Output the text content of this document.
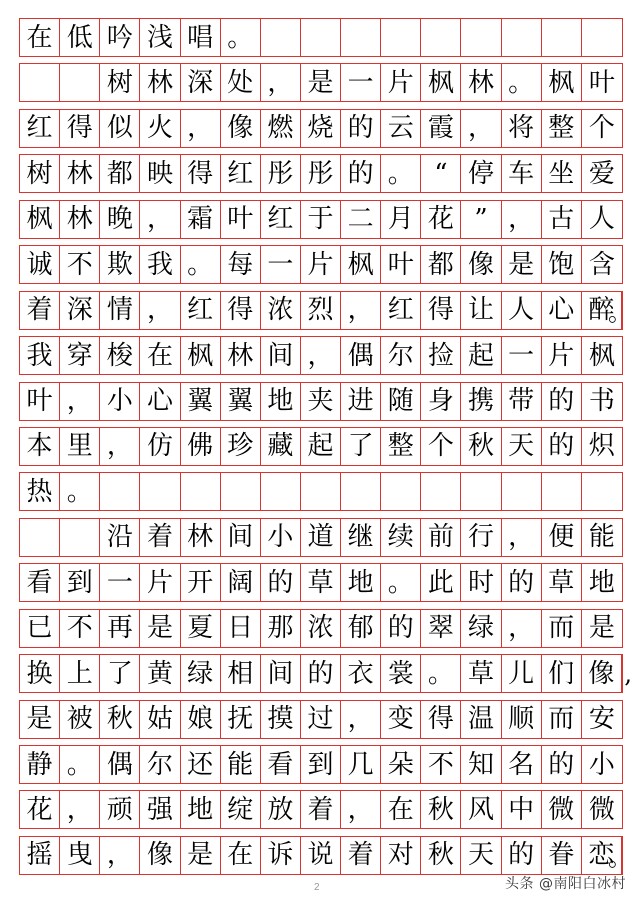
在 低 吟 浅 唱 。
树 林 深 处 ， 是 一 片 枫 林 。 枫 叶
红 得 似 火 ， 像 燃 烧 的 云 霞 ， 将 整 个
树 林 都 映 得 红 彤 彤 的 。 “ 停 车 坐 爱
枫 林 晚 ， 霜 叶 红 于 二 月 花 ” ， 古 人
诚 不 欺 我 。 每 一 片 枫 叶 都 像 是 饱 含
着 深 情 ， 红 得 浓 烈 ， 红 得 让 人 心 醉
。
我 穿 梭 在 枫 林 间 ， 偶 尔 捡 起 一 片 枫
叶 ， 小 心 翼 翼 地 夹 进 随 身 携 带 的 书
本 里 ， 仿 佛 珍 藏 起 了 整 个 秋 天 的 炽
热 。
沿 着 林 间 小 道 继 续 前 行 ， 便 能
看 到 一 片 开 阔 的 草 地 。 此 时 的 草 地
已 不 再 是 夏 日 那 浓 郁 的 翠 绿 ， 而 是
换 上 了 黄 绿 相 间 的 衣 裳 。 草 儿 们 像 ,
是 被 秋 姑 娘 抚 摸 过 ， 变 得 温 顺 而 安
静 。 偶 尔 还 能 看 到 几 朵 不 知 名 的 小
花 ， 顽 强 地 绽 放 着 ， 在 秋 风 中 微 微
摇 曳 ， 像 是 在 诉 说 着 对 秋 天 的 眷 恋
。
2	头条 @南阳白冰村
